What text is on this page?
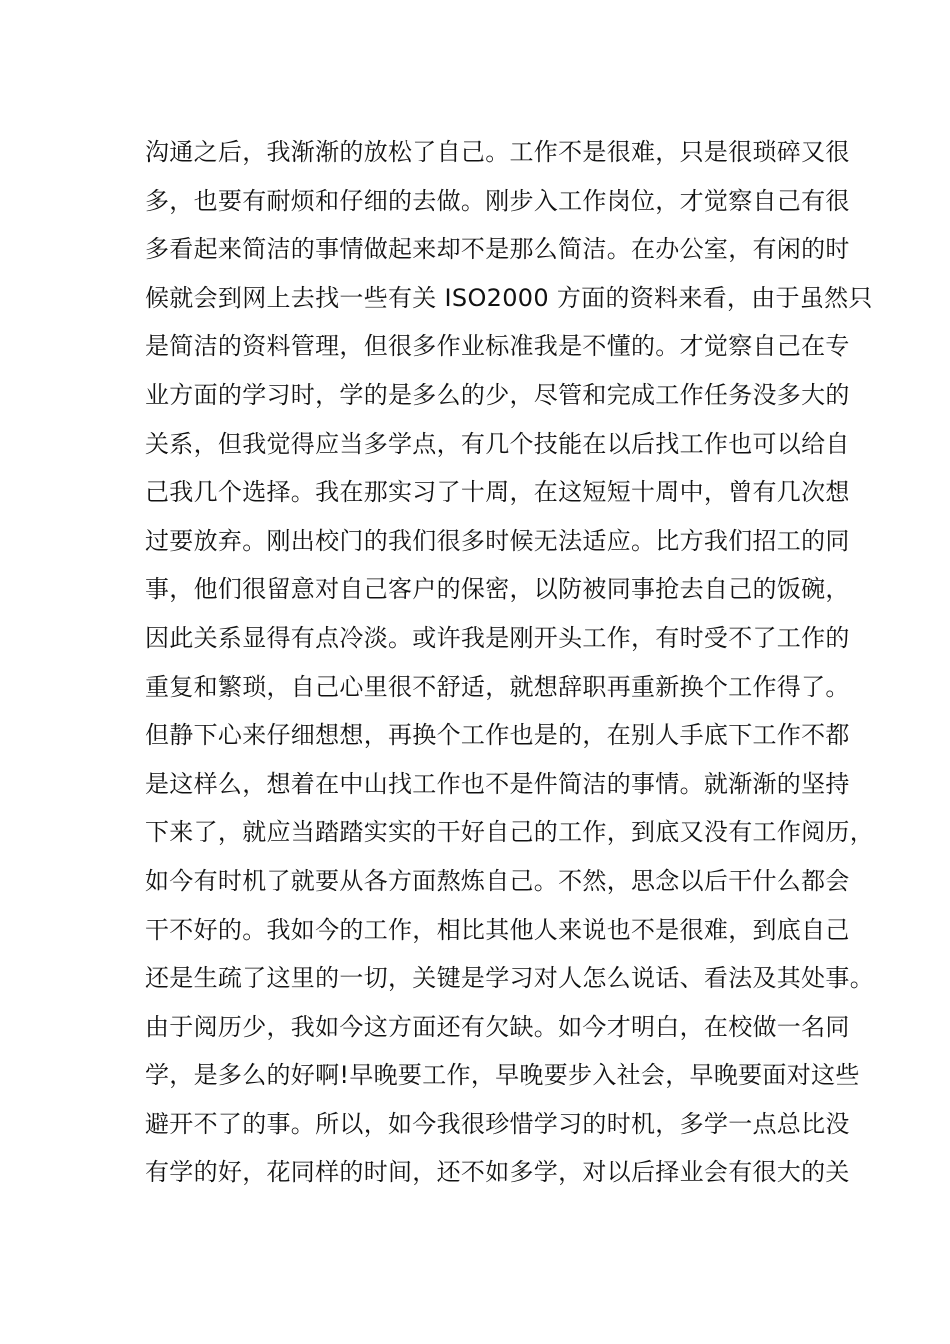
沟通之后，我渐渐的放松了自己。工作不是很难，只是很琐碎又很
多，也要有耐烦和仔细的去做。刚步入工作岗位，才觉察自己有很
多看起来简洁的事情做起来却不是那么简洁。在办公室，有闲的时
候就会到网上去找一些有关 ISO2000 方面的资料来看，由于虽然只
是简洁的资料管理，但很多作业标准我是不懂的。才觉察自己在专
业方面的学习时，学的是多么的少，尽管和完成工作任务没多大的
关系，但我觉得应当多学点，有几个技能在以后找工作也可以给自
己我几个选择。我在那实习了十周，在这短短十周中，曾有几次想
过要放弃。刚出校门的我们很多时候无法适应。比方我们招工的同
事，他们很留意对自己客户的保密，以防被同事抢去自己的饭碗，
因此关系显得有点冷淡。或许我是刚开头工作，有时受不了工作的
重复和繁琐，自己心里很不舒适，就想辞职再重新换个工作得了。
但静下心来仔细想想，再换个工作也是的，在别人手底下工作不都
是这样么，想着在中山找工作也不是件简洁的事情。就渐渐的坚持
下来了，就应当踏踏实实的干好自己的工作，到底又没有工作阅历，
如今有时机了就要从各方面熬炼自己。不然，思念以后干什么都会
干不好的。我如今的工作，相比其他人来说也不是很难，到底自己
还是生疏了这里的一切，关键是学习对人怎么说话、看法及其处事。
由于阅历少，我如今这方面还有欠缺。如今才明白，在校做一名同
学，是多么的好啊!早晚要工作，早晚要步入社会，早晚要面对这些
避开不了的事。所以，如今我很珍惜学习的时机，多学一点总比没
有学的好，花同样的时间，还不如多学，对以后择业会有很大的关
